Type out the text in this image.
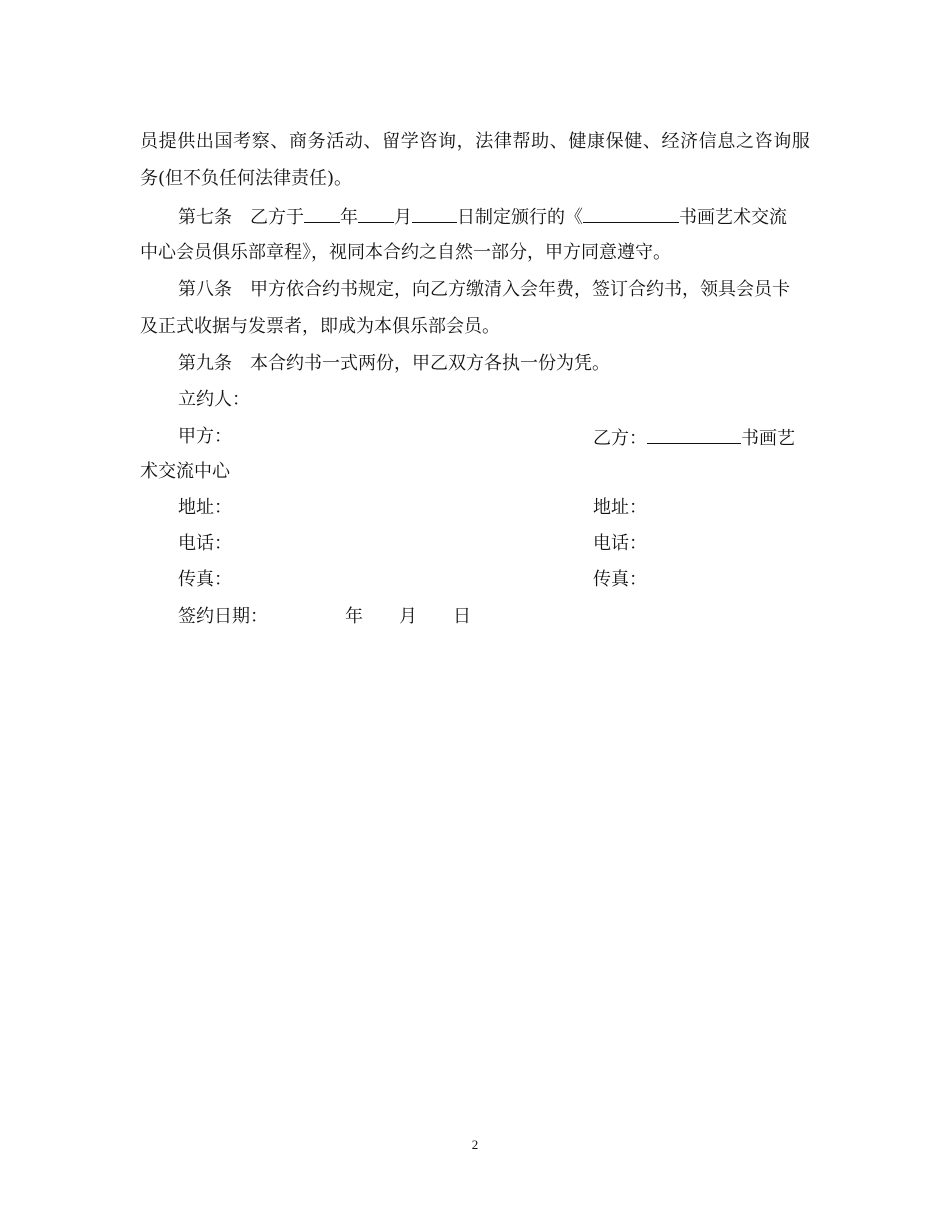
员 提 供 出 国 考 察 、 商 务 活 动 、 留 学 咨 询 ， 法 律 帮 助 、 健 康 保 健 、 经 济 信 息 之 咨 询 服
务(但不负任何法律责任)。
第七条 乙方于 年 月	日制定颁行的《	书画艺术交流
中心会员俱乐部章程》，视同本合约之自然一部分，甲方同意遵守。
第八条 甲方依合约书规定，向乙方缴清入会年费，签订合约书，领具会员卡
及正式收据与发票者，即成为本俱乐部会员。
第九条 本合约书一式两份，甲乙双方各执一份为凭。
立约人：
甲方：	乙方：	书画艺
术交流中心
地址：	地址：
电话：	电话：
传真：	传真：
签约日期：	年 月 日
2
